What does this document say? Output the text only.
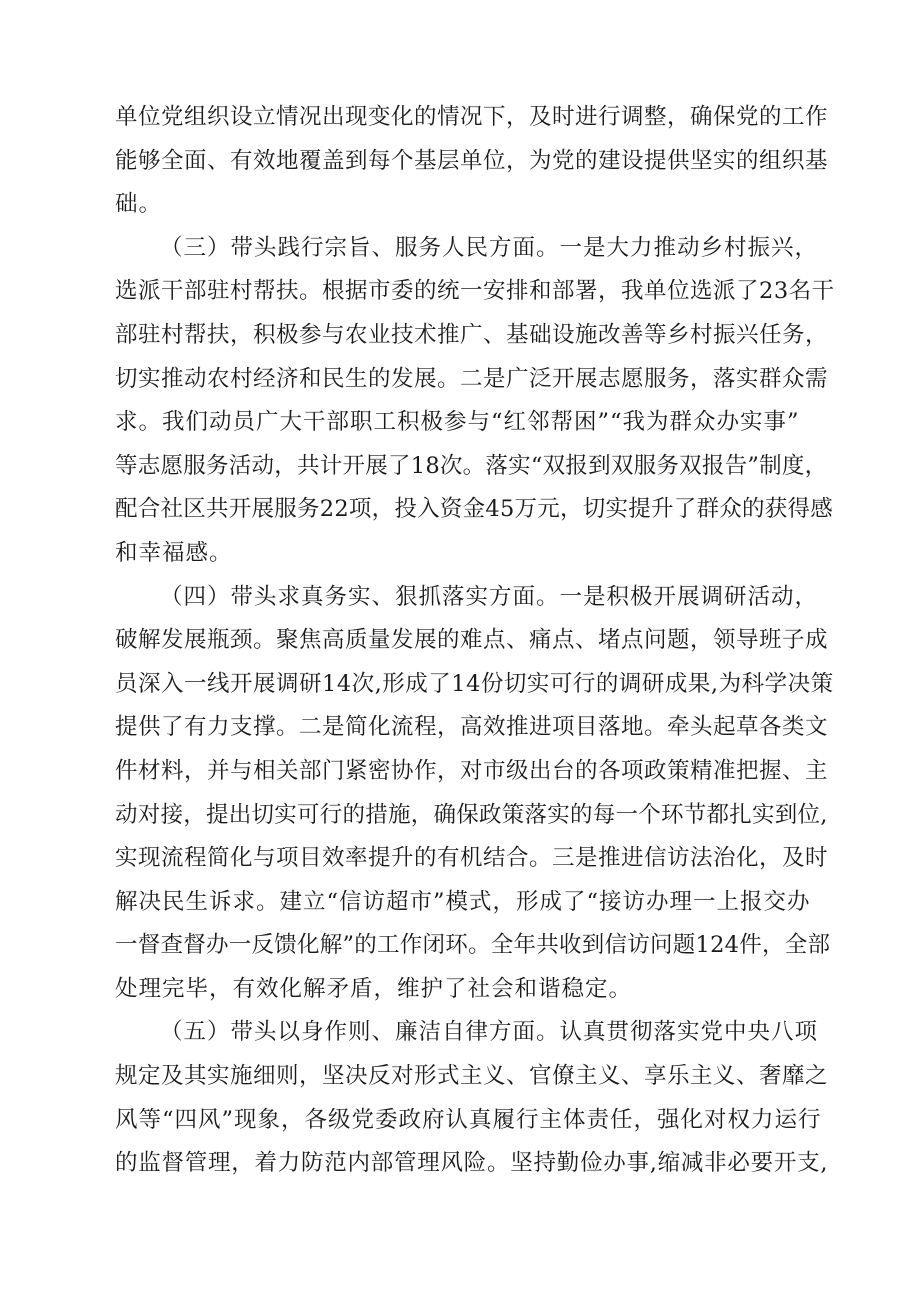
单位党组织设立情况出现变化的情况下，及时进行调整，确保党的工作
能够全面、有效地覆盖到每个基层单位，为党的建设提供坚实的组织基
础。
（三）带头践行宗旨、服务人民方面。一是大力推动乡村振兴，
选派干部驻村帮扶。根据市委的统一安排和部署，我单位选派了23名干
部驻村帮扶，积极参与农业技术推广、基础设施改善等乡村振兴任务，
切实推动农村经济和民生的发展。二是广泛开展志愿服务，落实群众需
求。我们动员广大干部职工积极参与“红邻帮困”“我为群众办实事”
等志愿服务活动，共计开展了18次。落实“双报到双服务双报告”制度，
配合社区共开展服务22项，投入资金45万元，切实提升了群众的获得感
和幸福感。
（四）带头求真务实、狠抓落实方面。一是积极开展调研活动，
破解发展瓶颈。聚焦高质量发展的难点、痛点、堵点问题，领导班子成
员深入一线开展调研14次,形成了14份切实可行的调研成果,为科学决策
提供了有力支撑。二是简化流程，高效推进项目落地。牵头起草各类文
件材料，并与相关部门紧密协作，对市级出台的各项政策精准把握、主
动对接，提出切实可行的措施，确保政策落实的每一个环节都扎实到位,
实现流程简化与项目效率提升的有机结合。三是推进信访法治化，及时
解决民生诉求。建立“信访超市”模式，形成了“接访办理一上报交办
一督查督办一反馈化解”的工作闭环。全年共收到信访问题124件，全部
处理完毕，有效化解矛盾，维护了社会和谐稳定。
（五）带头以身作则、廉洁自律方面。认真贯彻落实党中央八项
规定及其实施细则，坚决反对形式主义、官僚主义、享乐主义、奢靡之
风等“四风”现象，各级党委政府认真履行主体责任，强化对权力运行
的监督管理，着力防范内部管理风险。坚持勤俭办事,缩减非必要开支,
